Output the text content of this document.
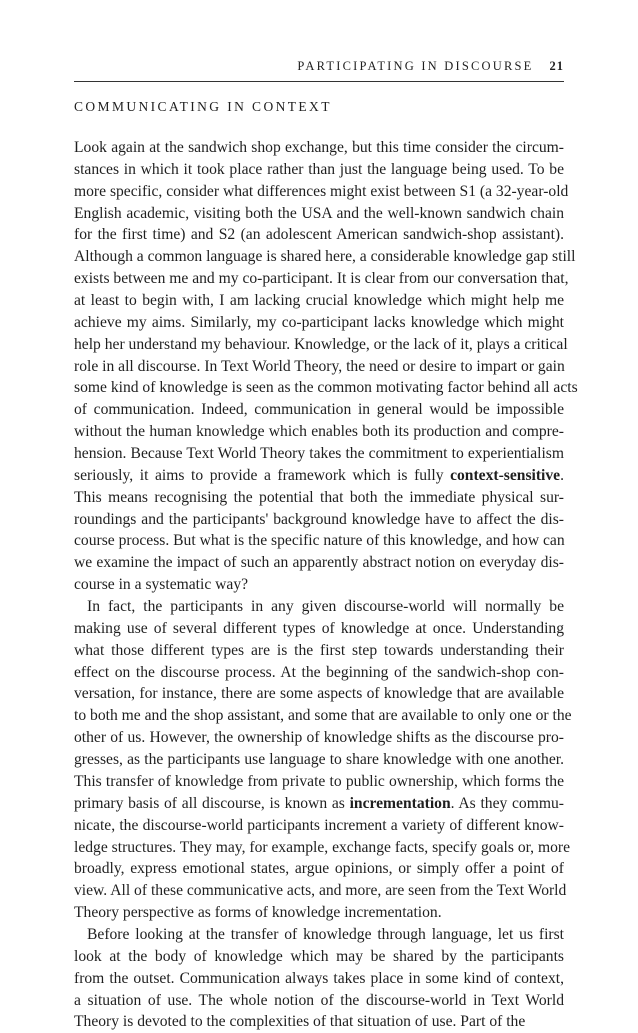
PARTICIPATING IN DISCOURSE 21
COMMUNICATING IN CONTEXT
Look again at the sandwich shop exchange, but this time consider the circum-
stances in which it took place rather than just the language being used. To be
more specific, consider what differences might exist between S1 (a 32-year-old
English academic, visiting both the USA and the well-known sandwich chain
for the first time) and S2 (an adolescent American sandwich-shop assistant).
Although a common language is shared here, a considerable knowledge gap still
exists between me and my co-participant. It is clear from our conversation that,
at least to begin with, I am lacking crucial knowledge which might help me
achieve my aims. Similarly, my co-participant lacks knowledge which might
help her understand my behaviour. Knowledge, or the lack of it, plays a critical
role in all discourse. In Text World Theory, the need or desire to impart or gain
some kind of knowledge is seen as the common motivating factor behind all acts
of communication. Indeed, communication in general would be impossible
without the human knowledge which enables both its production and compre-
hension. Because Text World Theory takes the commitment to experientialism
seriously, it aims to provide a framework which is fully context-sensitive.
This means recognising the potential that both the immediate physical sur-
roundings and the participants' background knowledge have to affect the dis-
course process. But what is the specific nature of this knowledge, and how can
we examine the impact of such an apparently abstract notion on everyday dis-
course in a systematic way?
In fact, the participants in any given discourse-world will normally be
making use of several different types of knowledge at once. Understanding
what those different types are is the first step towards understanding their
effect on the discourse process. At the beginning of the sandwich-shop con-
versation, for instance, there are some aspects of knowledge that are available
to both me and the shop assistant, and some that are available to only one or the
other of us. However, the ownership of knowledge shifts as the discourse pro-
gresses, as the participants use language to share knowledge with one another.
This transfer of knowledge from private to public ownership, which forms the
primary basis of all discourse, is known as incrementation. As they commu-
nicate, the discourse-world participants increment a variety of different know-
ledge structures. They may, for example, exchange facts, specify goals or, more
broadly, express emotional states, argue opinions, or simply offer a point of
view. All of these communicative acts, and more, are seen from the Text World
Theory perspective as forms of knowledge incrementation.
Before looking at the transfer of knowledge through language, let us first
look at the body of knowledge which may be shared by the participants
from the outset. Communication always takes place in some kind of context,
a situation of use. The whole notion of the discourse-world in Text World
Theory is devoted to the complexities of that situation of use. Part of the
